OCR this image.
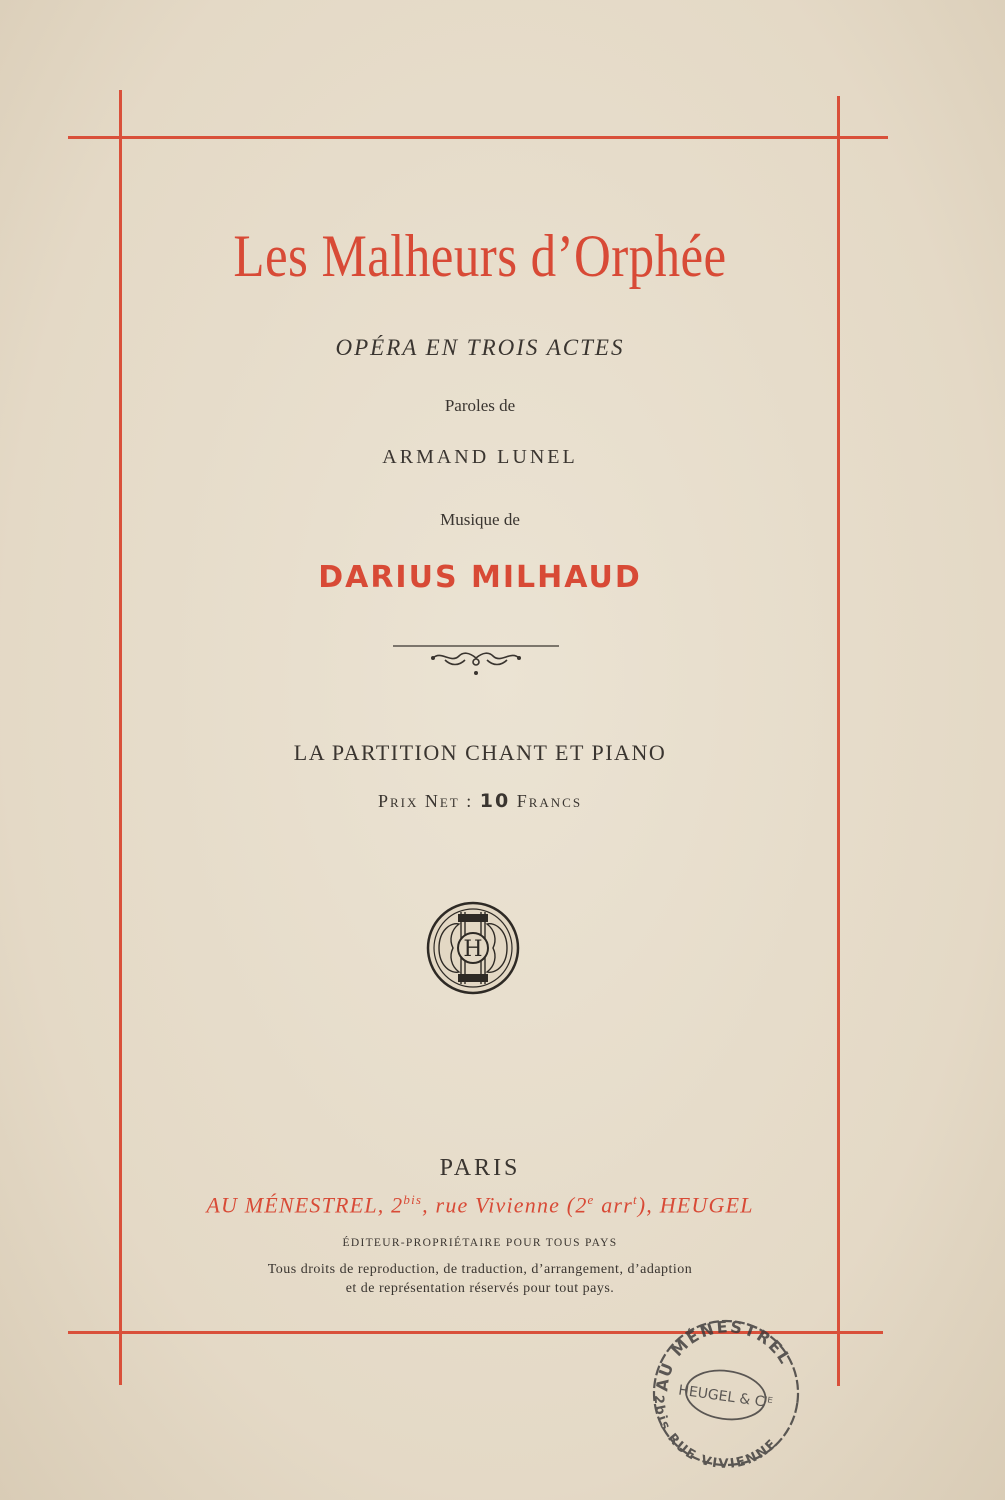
Les Malheurs d’Orphée
OPÉRA EN TROIS ACTES
Paroles de
ARMAND LUNEL
Musique de
DARIUS MILHAUD
LA PARTITION CHANT ET PIANO
Prix Net : 10 Francs
H
PARIS
AU MÉNESTREL, $2^{bis}$, rue Vivienne (2e arr$^t$), HEUGEL
ÉDITEUR-PROPRIÉTAIRE POUR TOUS PAYS
Tous droits de reproduction, de traduction, d’arrangement, d’adaption
et de représentation réservés pour tout pays.
AU MÉNESTREL
2bis RUE VIVIENNE
HEUGEL & Cᴵᴱ
